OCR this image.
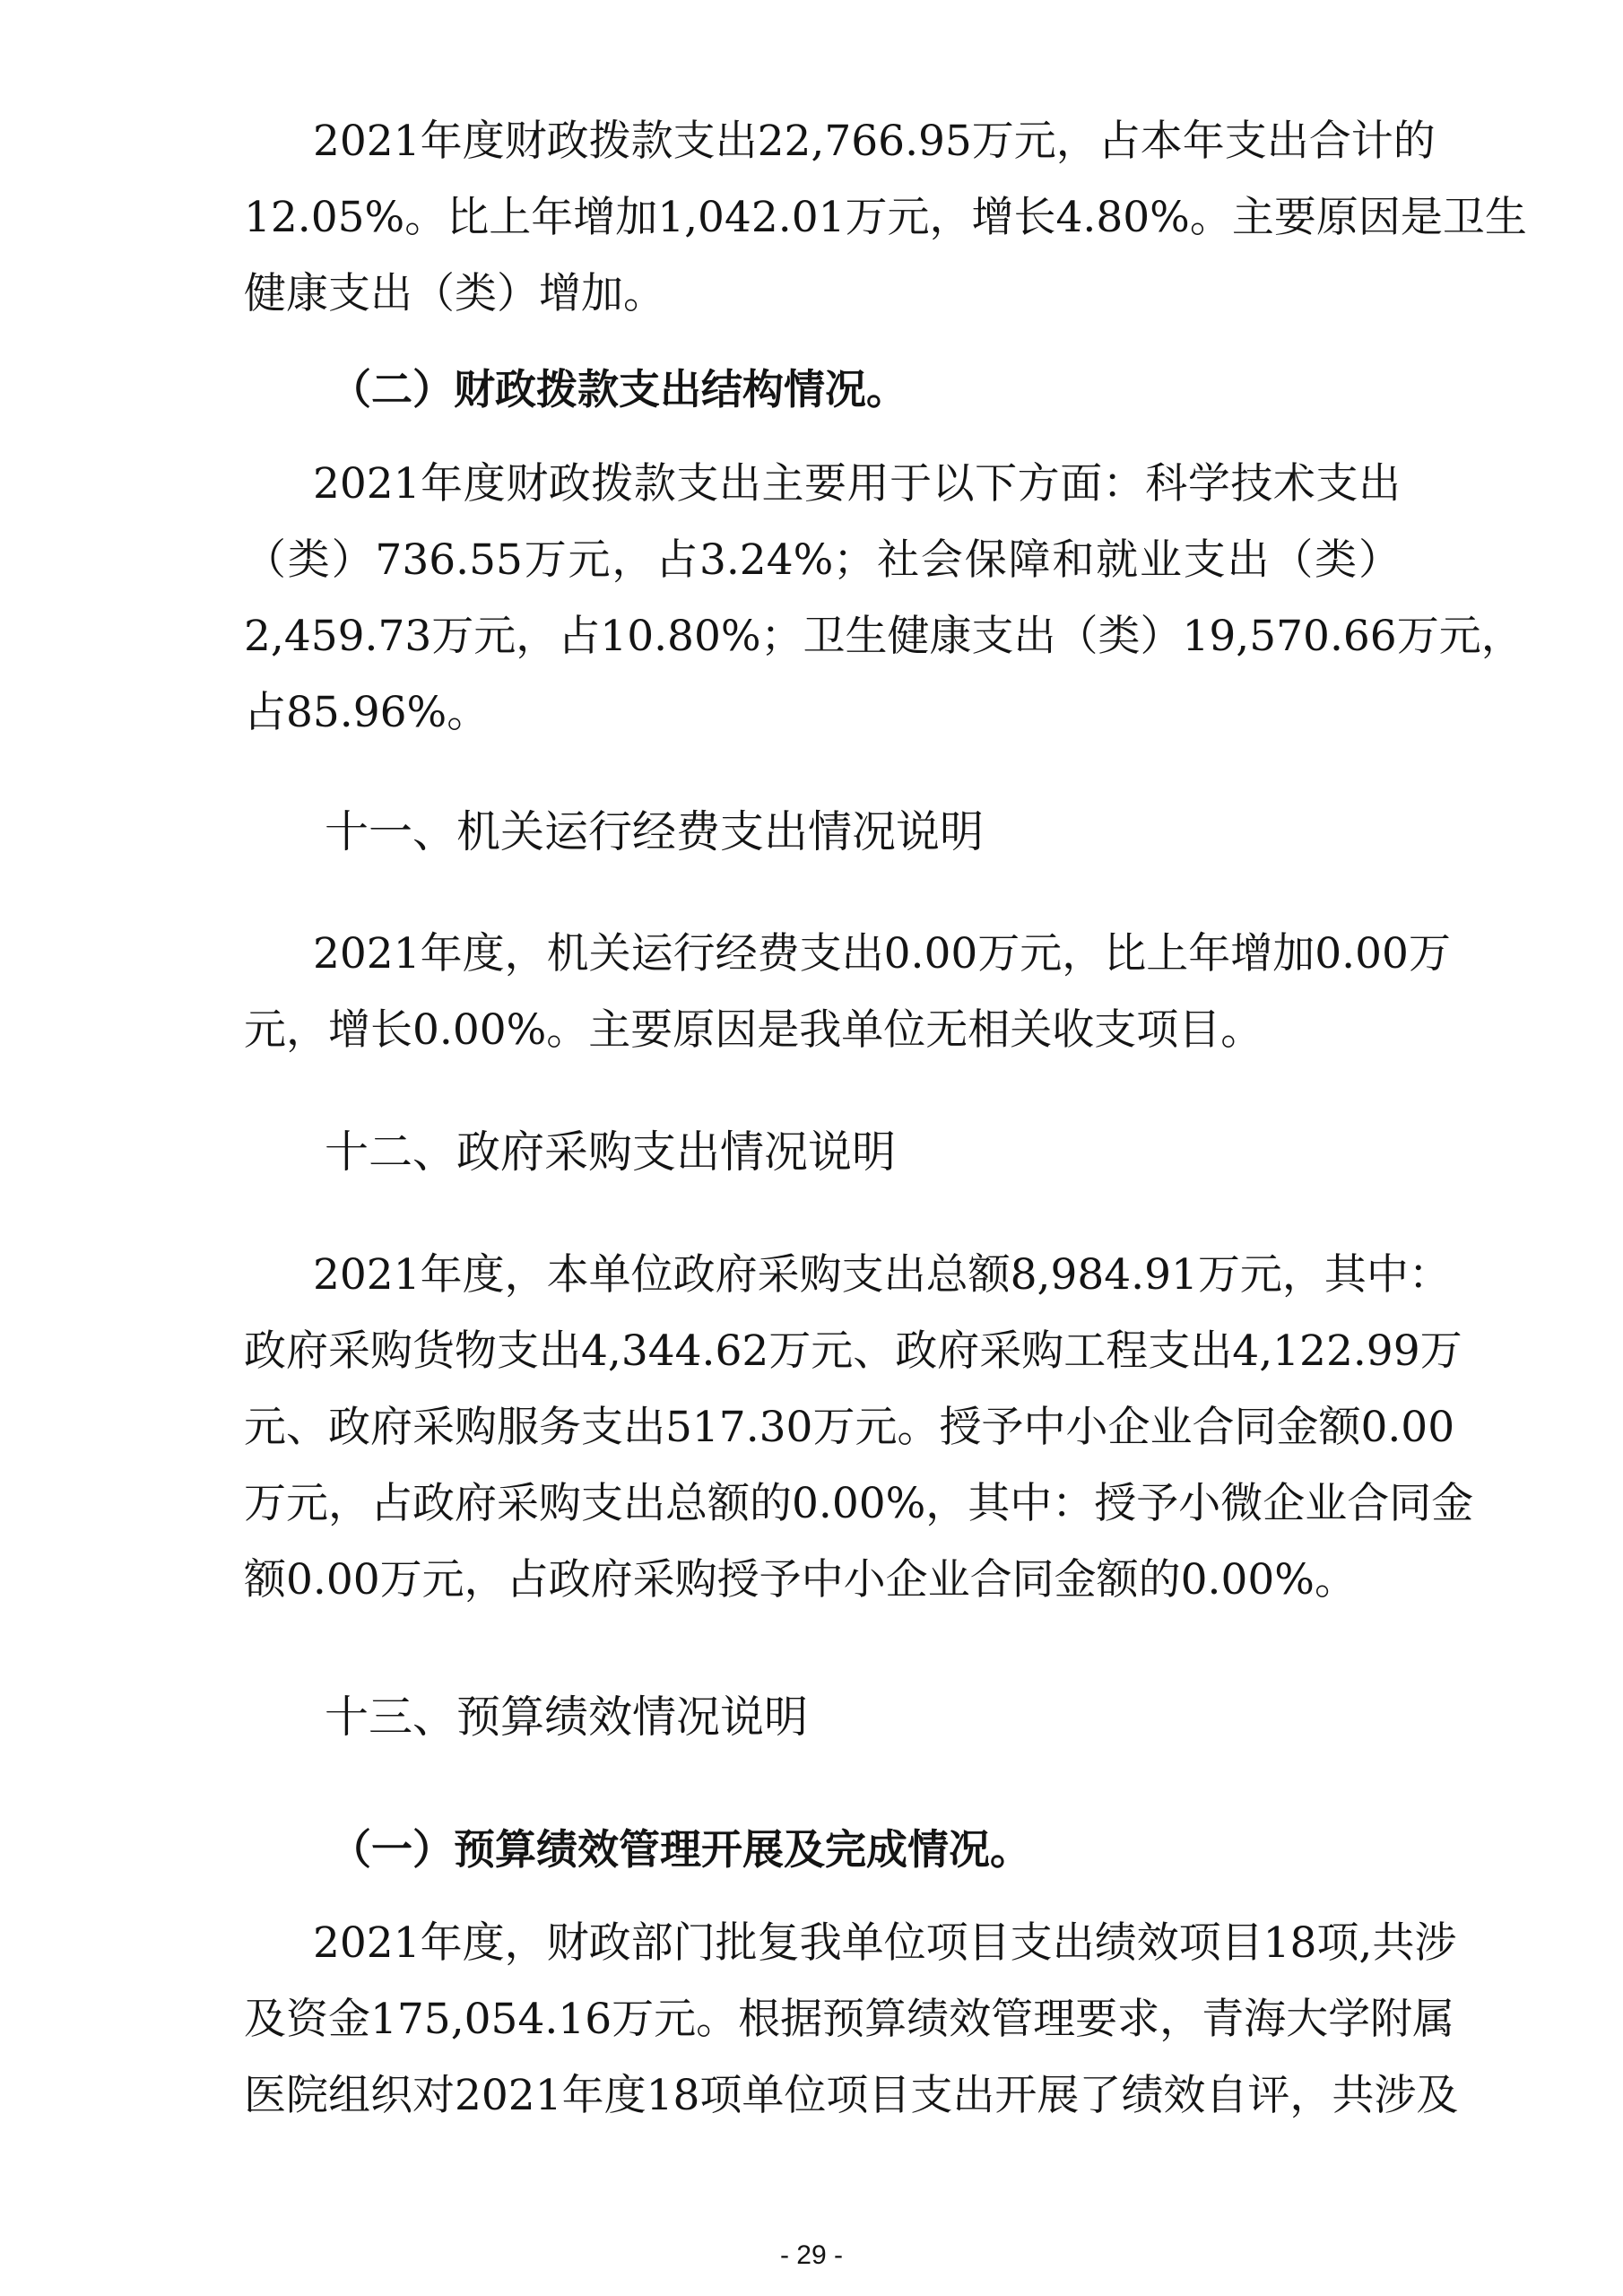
2021年度财政拨款支出22,766.95万元，占本年支出合计的
12.05%。比上年增加1,042.01万元，增长4.80%。主要原因是卫生
健康支出（类）增加。
（二）财政拨款支出结构情况。
2021年度财政拨款支出主要用于以下方面：科学技术支出
（类）736.55万元，占3.24%；社会保障和就业支出（类）
2,459.73万元，占10.80%；卫生健康支出（类）19,570.66万元，
占85.96%。
十一、机关运行经费支出情况说明
2021年度，机关运行经费支出0.00万元，比上年增加0.00万
元，增长0.00%。主要原因是我单位无相关收支项目。
十二、政府采购支出情况说明
2021年度，本单位政府采购支出总额8,984.91万元，其中：
政府采购货物支出4,344.62万元、政府采购工程支出4,122.99万
元、政府采购服务支出517.30万元。授予中小企业合同金额0.00
万元，占政府采购支出总额的0.00%，其中：授予小微企业合同金
额0.00万元，占政府采购授予中小企业合同金额的0.00%。
十三、预算绩效情况说明
（一）预算绩效管理开展及完成情况。
2021年度，财政部门批复我单位项目支出绩效项目18项,共涉
及资金175,054.16万元。根据预算绩效管理要求，青海大学附属
医院组织对2021年度18项单位项目支出开展了绩效自评，共涉及
- 29 -
